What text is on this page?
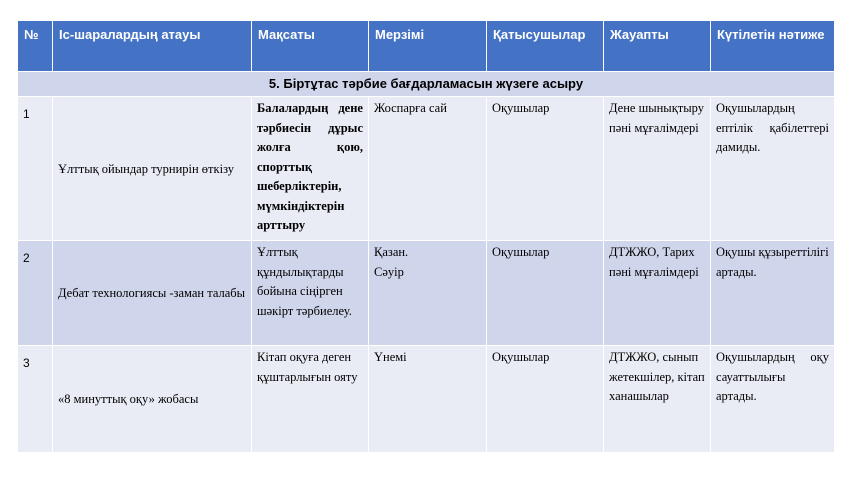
№	Іс-шаралардың атауы	Мақсаты	Мерзімі	Қатысушылар	Жауапты	Күтілетін нәтиже
5. Біртұтас тәрбие бағдарламасын жүзеге асыру						
1	Ұлттық ойындар турнирін өткізу	Балалардың дене тәрбиесін дұрыс жолға қою, спорттық шеберліктерін, мүмкіндіктерін арттыру	Жоспарға сай	Оқушылар	Дене шынықтыру пәні мұғалімдері	Оқушылардың ептілік қабілеттері дамиды.
2	Дебат технологиясы -заман талабы	Ұлттық құндылықтарды бойына сіңірген шәкірт тәрбиелеу.	Қазан. Сәуір	Оқушылар	ДТЖЖО, Тарих пәні мұғалімдері	Оқушы құзыреттілігі артады.
3	«8 минуттық оқу» жобасы	Кітап оқуға деген құштарлығын ояту	Үнемі	Оқушылар	ДТЖЖО, сынып жетекшілер, кітапханашылар	Оқушылардың оқу сауаттылығы артады.
